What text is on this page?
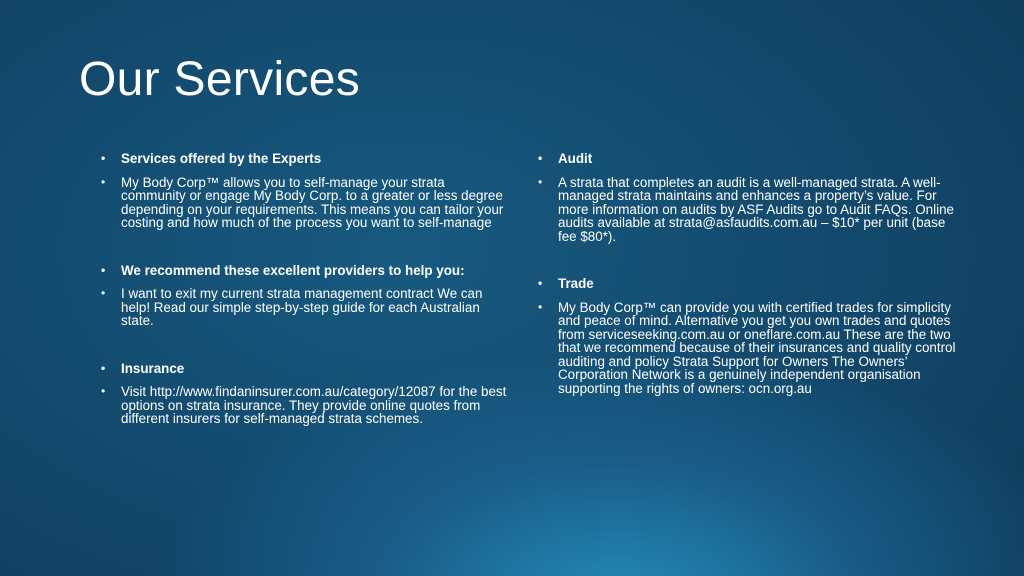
Our Services
• Services offered by the Experts
• My Body Corp™ allows you to self-manage your strata community or engage My Body Corp. to a greater or less degree depending on your requirements. This means you can tailor your costing and how much of the process you want to self-manage
• We recommend these excellent providers to help you:
• I want to exit my current strata management contract We can help! Read our simple step-by-step guide for each Australian state.
• Insurance
• Visit http://www.findaninsurer.com.au/category/12087 for the best options on strata insurance. They provide online quotes from different insurers for self-managed strata schemes.
• Audit
• A strata that completes an audit is a well-managed strata. A well-managed strata maintains and enhances a property’s value. For more information on audits by ASF Audits go to Audit FAQs. Online audits available at strata@asfaudits.com.au – $10* per unit (base fee $80*).
• Trade
• My Body Corp™ can provide you with certified trades for simplicity and peace of mind. Alternative you get you own trades and quotes from serviceseeking.com.au or oneflare.com.au These are the two that we recommend because of their insurances and quality control auditing and policy Strata Support for Owners The Owners’ Corporation Network is a genuinely independent organisation supporting the rights of owners: ocn.org.au
